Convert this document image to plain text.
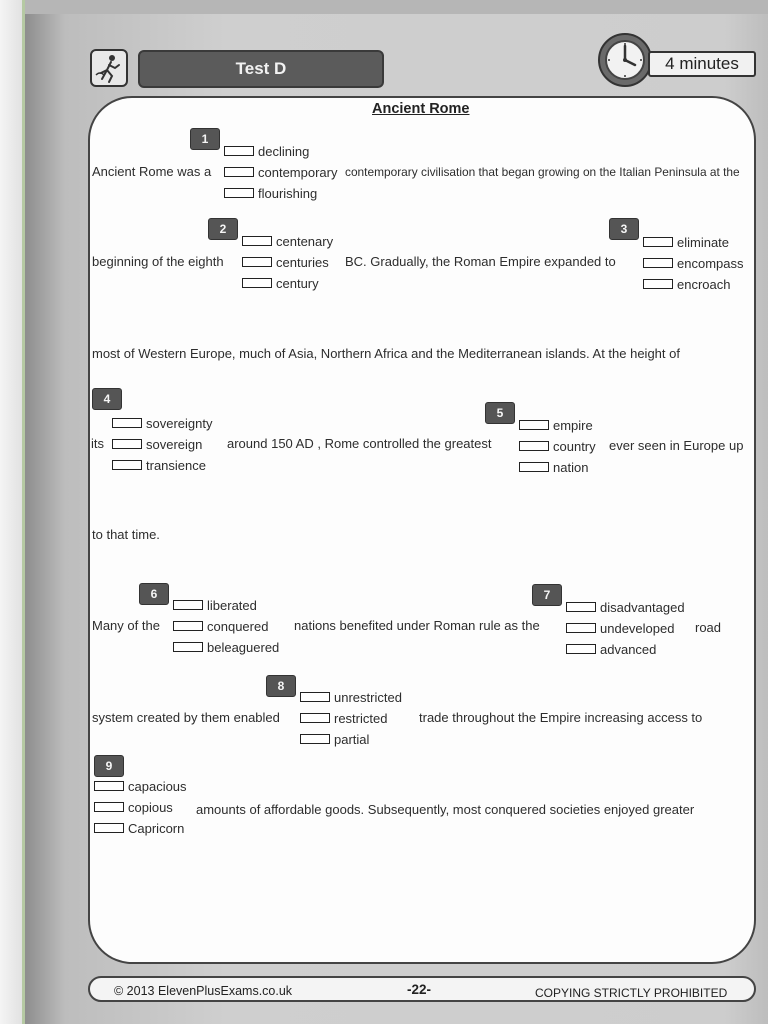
Test D	4 minutes
Ancient Rome
1
declining
contemporary
flourishing
Ancient Rome was a	contemporary civilisation that began growing on the Italian Peninsula at the
2
centenary
centuries
century
beginning of the eighth	BC. Gradually, the Roman Empire expanded to
3
eliminate
encompass
encroach
most of Western Europe, much of Asia, Northern Africa and the Mediterranean islands. At the height of
4
sovereignty
sovereign
transience
its	around 150 AD , Rome controlled the greatest
5
empire
country
nation
ever seen in Europe up
to that time.
6
liberated
conquered
beleaguered
Many of the	nations benefited under Roman rule as the
7
disadvantaged
undeveloped
advanced
road
8
unrestricted
restricted
partial
system created by them enabled	trade throughout the Empire increasing access to
9
capacious
copious
Capricorn
amounts of affordable goods. Subsequently, most conquered societies enjoyed greater
© 2013 ElevenPlusExams.co.uk	-22-	COPYING STRICTLY PROHIBITED
